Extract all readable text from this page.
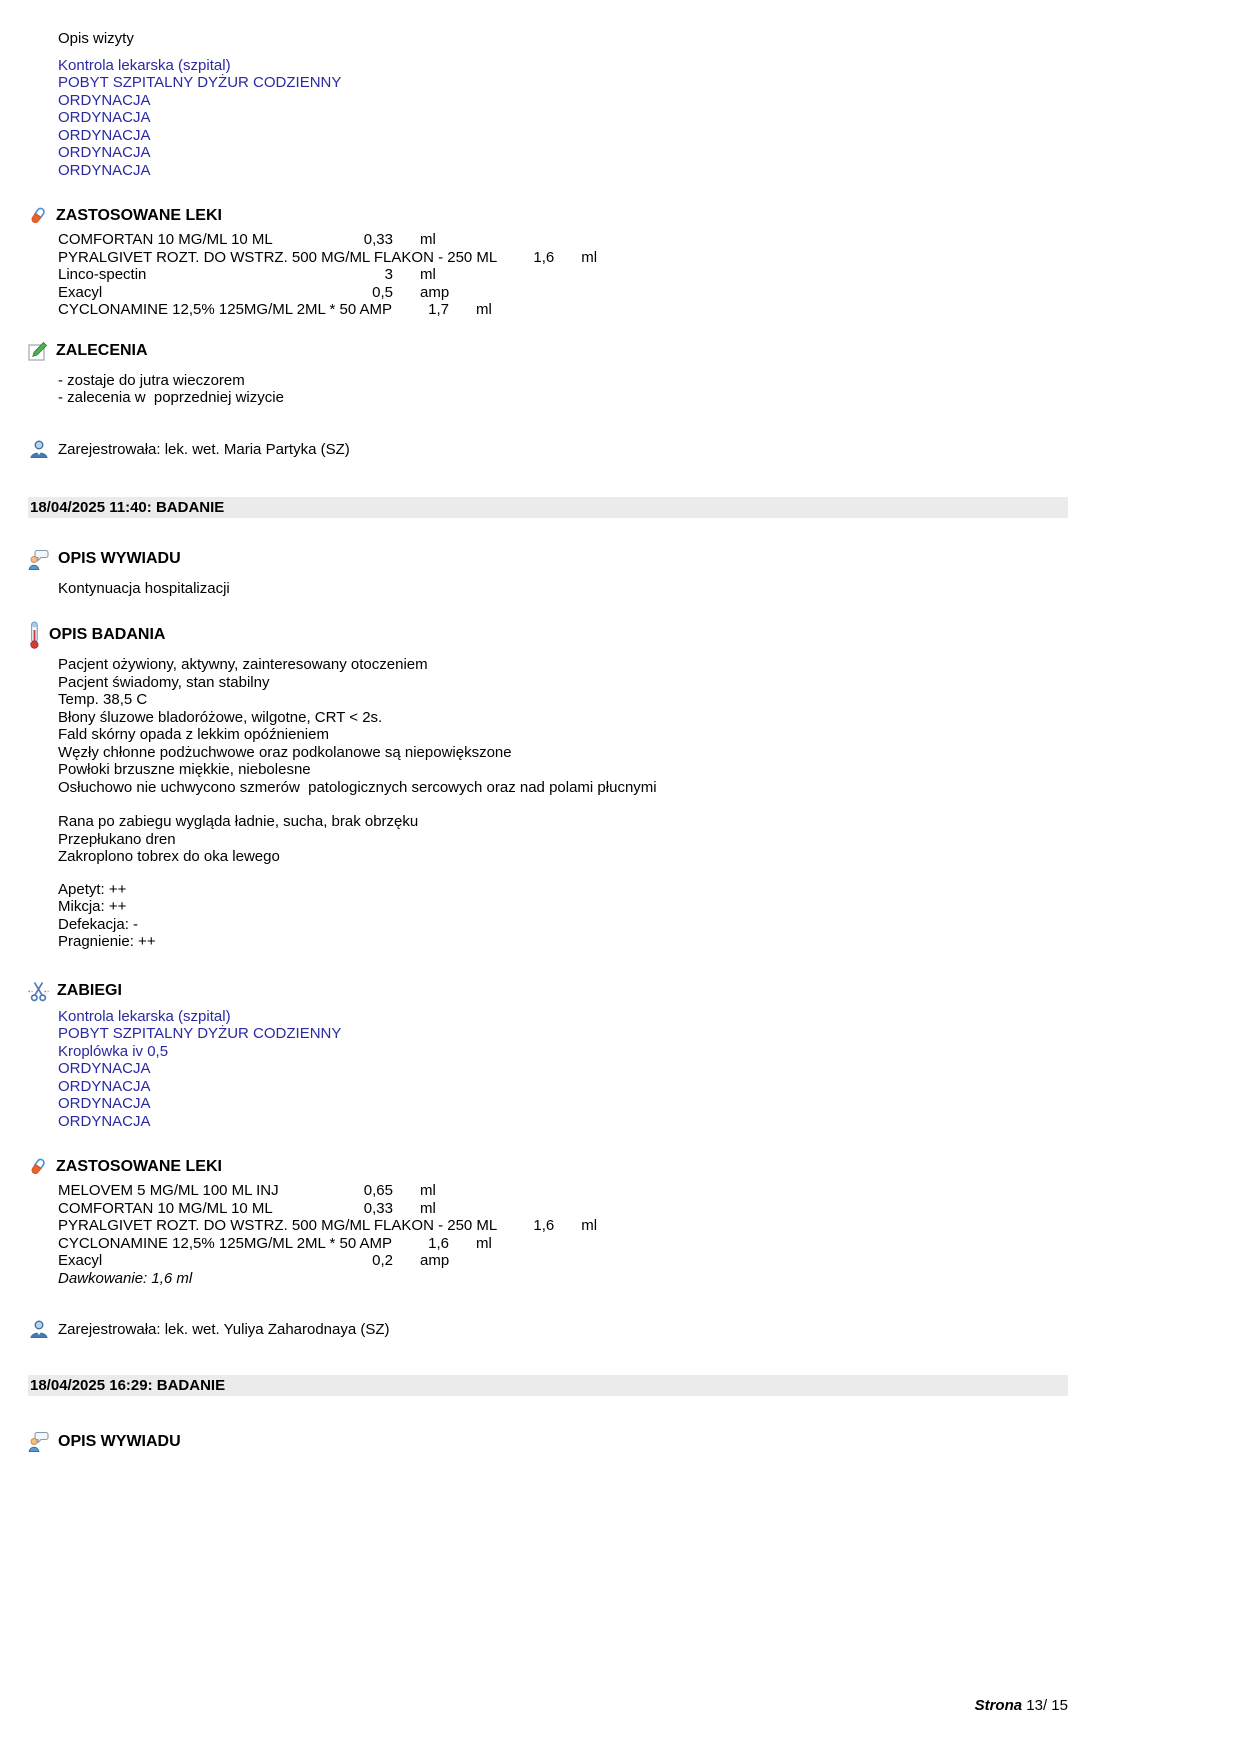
Opis wizyty
Kontrola lekarska (szpital)
POBYT SZPITALNY DYŻUR CODZIENNY
ORDYNACJA
ORDYNACJA
ORDYNACJA
ORDYNACJA
ORDYNACJA
ZASTOSOWANE LEKI
COMFORTAN 10 MG/ML 10 ML	0,33	ml
PYRALGIVET ROZT. DO WSTRZ. 500 MG/ML FLAKON - 250 ML	1,6	ml
Linco-spectin	3	ml
Exacyl	0,5	amp
CYCLONAMINE 12,5% 125MG/ML 2ML * 50 AMP	1,7	ml
ZALECENIA
- zostaje do jutra wieczorem
- zalecenia w  poprzedniej wizycie
Zarejestrowała: lek. wet. Maria Partyka (SZ)
18/04/2025 11:40: BADANIE
OPIS WYWIADU
Kontynuacja hospitalizacji
OPIS BADANIA
Pacjent ożywiony, aktywny, zainteresowany otoczeniem
Pacjent świadomy, stan stabilny
Temp. 38,5 C
Błony śluzowe bladoróżowe, wilgotne, CRT < 2s.
Fald skórny opada z lekkim opóźnieniem
Węzły chłonne podżuchwowe oraz podkolanowe są niepowiększone
Powłoki brzuszne miękkie, niebolesne
Osłuchowo nie uchwycono szmerów  patologicznych sercowych oraz nad polami płucnymi
Rana po zabiegu wygląda ładnie, sucha, brak obrzęku
Przepłukano dren
Zakroplono tobrex do oka lewego
Apetyt: ++
Mikcja: ++
Defekacja: -
Pragnienie: ++
ZABIEGI
Kontrola lekarska (szpital)
POBYT SZPITALNY DYŻUR CODZIENNY
Kroplówka iv 0,5
ORDYNACJA
ORDYNACJA
ORDYNACJA
ORDYNACJA
ZASTOSOWANE LEKI
MELOVEM 5 MG/ML 100 ML INJ	0,65	ml
COMFORTAN 10 MG/ML 10 ML	0,33	ml
PYRALGIVET ROZT. DO WSTRZ. 500 MG/ML FLAKON - 250 ML	1,6	ml
CYCLONAMINE 12,5% 125MG/ML 2ML * 50 AMP	1,6	ml
Exacyl	0,2	amp
Dawkowanie: 1,6 ml
Zarejestrowała: lek. wet. Yuliya Zaharodnaya (SZ)
18/04/2025 16:29: BADANIE
OPIS WYWIADU
Strona 13/ 15
